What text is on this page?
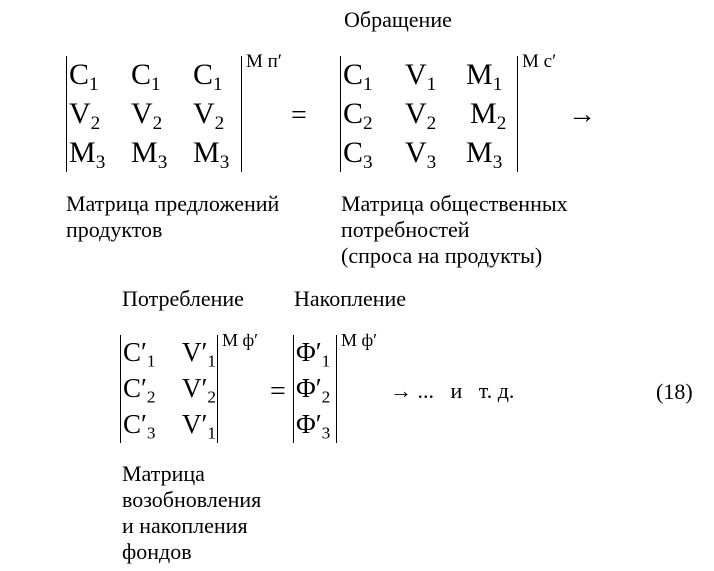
Обращение
$C_1$ $C_1$ $C_1$
$V_2$ $V_2$ $V_2$
$M_3$ $M_3$ $M_3$
М п′
=
$C_1$ $V_1$ $M_1$
$C_2$ $V_2$ $M_2$
$C_3$ $V_3$ $M_3$
М с′
→
Матрица предложений
продуктов
Матрица общественных
потребностей
(спроса на продукты)
Потребление Накопление
$C'_1$ $V'_1$
$C'_2$ $V'_2$
$C'_3$ $V'_1$
М ф′
=
$\Phi'_1$
$\Phi'_2$
$\Phi'_3$
М ф′
→ ...   и   т. д.	(18)
Матрица
возобновления
и накопления
фондов
